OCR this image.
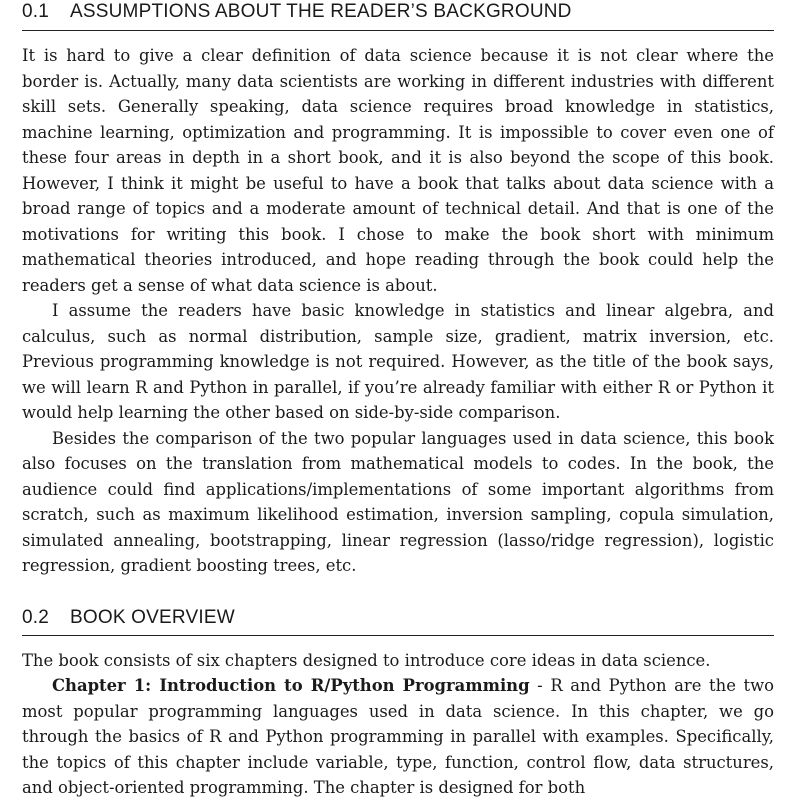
0.1 ASSUMPTIONS ABOUT THE READER’S BACKGROUND

It is hard to give a clear definition of data science because it is not clear where the border is. Actually, many data scientists are working in different industries with different skill sets. Generally speaking, data science requires broad knowledge in statistics, machine learning, optimization and programming. It is impossible to cover even one of these four areas in depth in a short book, and it is also beyond the scope of this book. However, I think it might be useful to have a book that talks about data science with a broad range of topics and a moderate amount of technical detail. And that is one of the motivations for writing this book. I chose to make the book short with minimum mathematical theories introduced, and hope reading through the book could help the readers get a sense of what data science is about.

I assume the readers have basic knowledge in statistics and linear algebra, and calculus, such as normal distribution, sample size, gradient, matrix inversion, etc. Previous programming knowledge is not required. However, as the title of the book says, we will learn R and Python in parallel, if you’re already familiar with either R or Python it would help learning the other based on side-by-side comparison.

Besides the comparison of the two popular languages used in data science, this book also focuses on the translation from mathematical models to codes. In the book, the audience could find applications/implementations of some important algorithms from scratch, such as maximum likelihood estimation, inversion sampling, copula simulation, simulated annealing, bootstrapping, linear regression (lasso/ridge regression), logistic regression, gradient boosting trees, etc.

0.2 BOOK OVERVIEW

The book consists of six chapters designed to introduce core ideas in data science.

Chapter 1: Introduction to R/Python Programming - R and Python are the two most popular programming languages used in data science. In this chapter, we go through the basics of R and Python programming in parallel with examples. Specifically, the topics of this chapter include variable, type, function, control flow, data structures, and object-oriented programming. The chapter is designed for both
